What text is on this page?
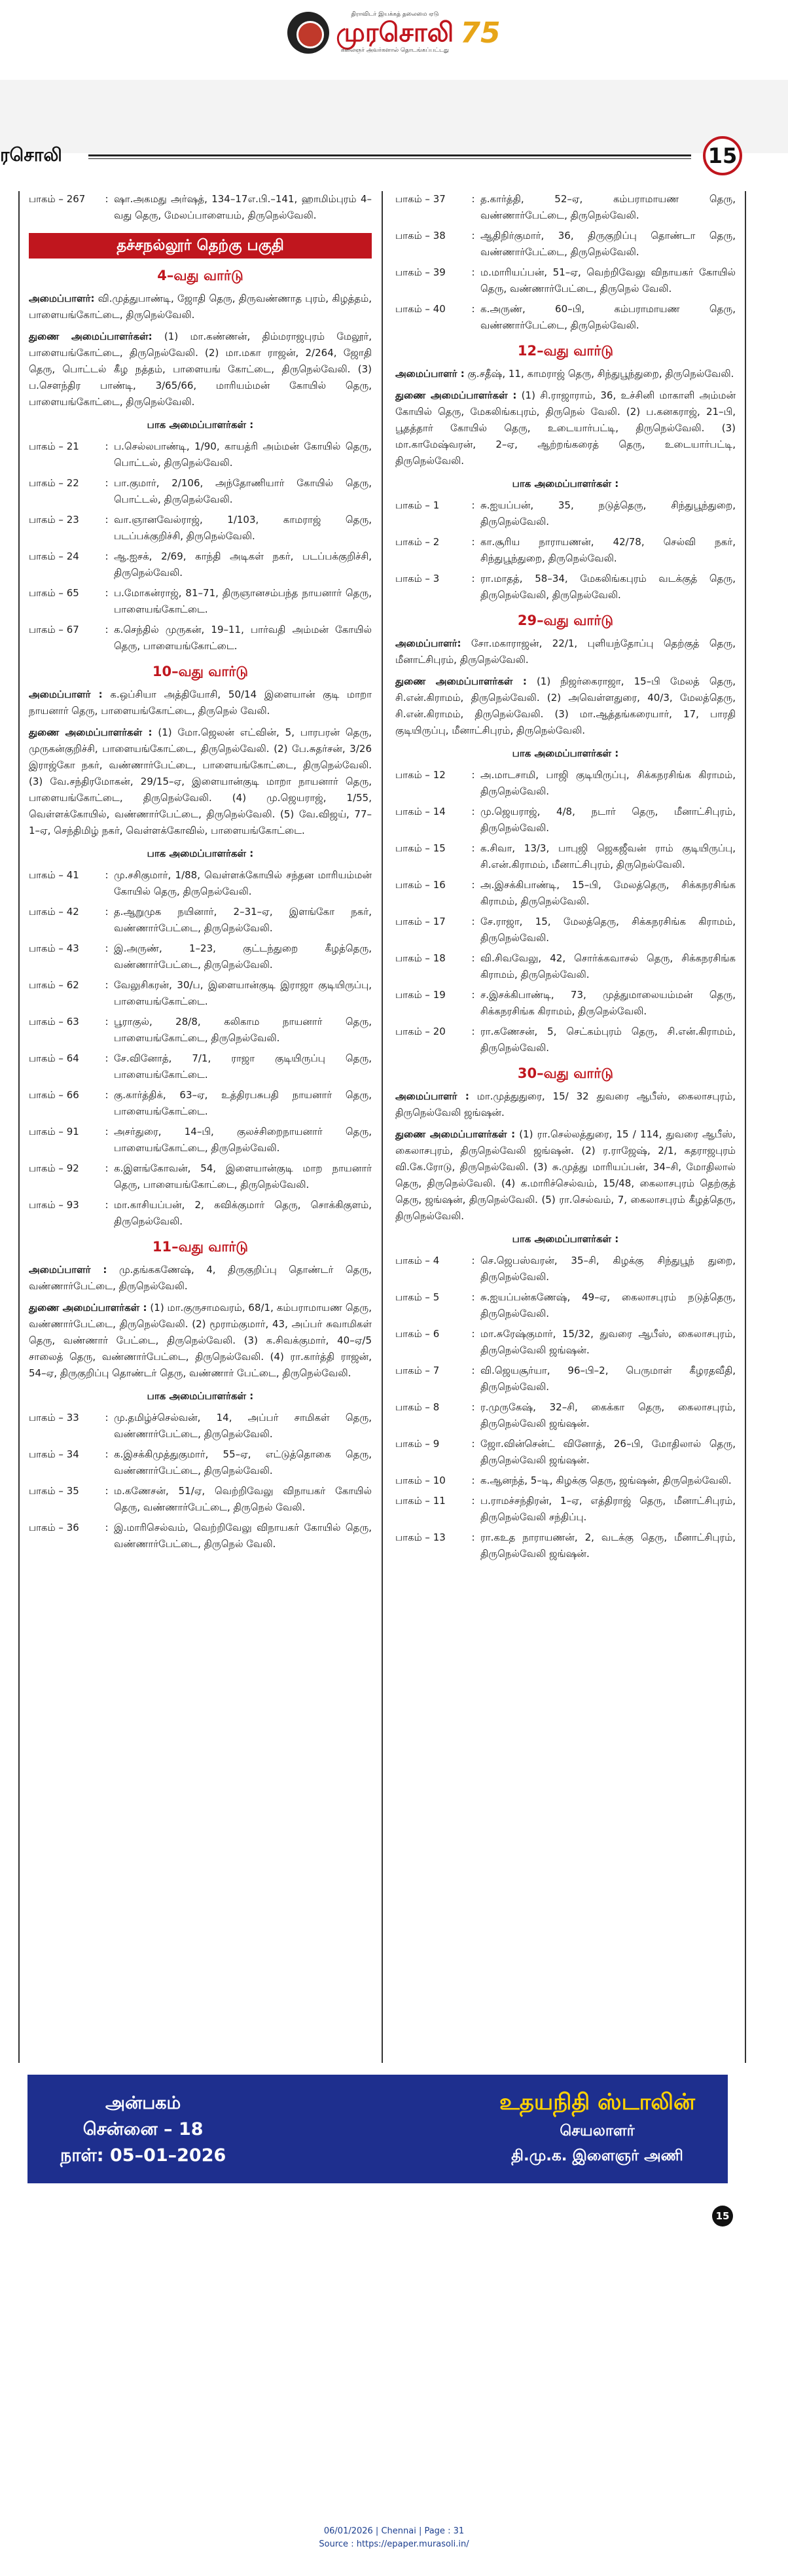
திராவிடர் இயக்கத் தலைமை ஏடு
முரசொலி
கலைஞர் அவர்களால் தொடங்கப்பட்டது
75
ரசொலி	15
பாகம் – 267	: ஷா.அகமது அர்ஷத், 134–17எ.பி.–141, ஹாமிம்புரம் 4–வது தெரு, மேலப்பாளையம், திருநெல்வேலி.
தச்சநல்லூர் தெற்கு பகுதி
4–வது வார்டு
அமைப்பாளர்: வி.முத்துபாண்டி, ஜோதி தெரு, திருவண்ணாத புரம், கிழத்தம், பாளையங்கோட்டை, திருநெல்வேலி.
துணை அமைப்பாளர்கள்: (1) மா.கண்ணன், திம்மராஜபுரம் மேலூர், பாளையங்கோட்டை, திருநெல்வேலி. (2) மா.மகா ராஜன், 2/264, ஜோதி தெரு, பொட்டல் கீழ நத்தம், பாளையங் கோட்டை, திருநெல்வேலி. (3) ப.செளந்திர பாண்டி, 3/65/66, மாரியம்மன் கோயில் தெரு, பாளையங்கோட்டை, திருநெல்வேலி.
பாக அமைப்பாளர்கள் :
பாகம் – 21	: ப.செல்லபாண்டி, 1/90, காயத்ரி அம்மன் கோயில் தெரு, பொட்டல், திருநெல்வேலி.
பாகம் – 22	: பா.குமார், 2/106, அந்தோணியார் கோயில் தெரு, பொட்டல், திருநெல்வேலி.
பாகம் – 23	: வா.ஞானவேல்ராஜ், 1/103, காமராஜ் தெரு, படப்பக்குறிச்சி, திருநெல்வேலி.
பாகம் – 24	: ஆ.ஐசக், 2/69, காந்தி அடிகள் நகர், படப்பக்குறிச்சி, திருநெல்வேலி.
பாகம் – 65	: ப.மோகன்ராஜ், 81–71, திருஞானசம்பந்த நாயனார் தெரு, பாளையங்கோட்டை.
பாகம் – 67	: க.செந்தில் முருகன், 19–11, பார்வதி அம்மன் கோயில் தெரு, பாளையங்கோட்டை.
10–வது வார்டு
அமைப்பாளர் : க.ஒப்சியா அத்தியோசி, 50/14 இளையான் குடி மாறா நாயனார் தெரு, பாளையங்கோட்டை, திருநெல் வேலி.
துணை அமைப்பாளர்கள் : (1) மோ.ஜெலன் எட்வின், 5, பாரபரன் தெரு, முருகன்குறிச்சி, பாளையங்கோட்டை, திருநெல்வேலி. (2) பே.சுதர்சன், 3/26 இராஜ்கோ நகர், வண்ணார்பேட்டை, பாளையங்கோட்டை, திருநெல்வேலி. (3) வே.சந்திரமோகன், 29/15–ஏ, இளையான்குடி மாறா நாயனார் தெரு, பாளையங்கோட்டை, திருநெல்வேலி. (4) மு.ஜெயராஜ், 1/55, வெள்ளக்கோயில், வண்ணார்பேட்டை, திருநெல்வேலி. (5) வே.விஜய், 77–1–ஏ, செந்திமிழ் நகர், வெள்ளக்கோவில், பாளையங்கோட்டை.
பாக அமைப்பாளர்கள் :
பாகம் – 41	: மு.சசிகுமார், 1/88, வெள்ளக்கோயில் சந்தன மாரியம்மன் கோயில் தெரு, திருநெல்வேலி.
பாகம் – 42	: த.ஆறுமுக நயினார், 2–31–ஏ, இளங்கோ நகர், வண்ணார்பேட்டை, திருநெல்வேலி.
பாகம் – 43	: இ.அருண், 1–23, குட்டந்துறை கீழத்தெரு, வண்ணார்பேட்டை, திருநெல்வேலி.
பாகம் – 62	: வேலுசிகரன், 30/ப, இளையான்குடி இராஜா குடியிருப்பு, பாளையங்கோட்டை.
பாகம் – 63	: பூராகுல், 28/8, கலிகாம நாயனார் தெரு, பாளையங்கோட்டை, திருநெல்வேலி.
பாகம் – 64	: சே.வினோத், 7/1, ராஜா குடியிருப்பு தெரு, பாளையங்கோட்டை.
பாகம் – 66	: கு.கார்த்திக், 63–ஏ, உத்திரபசுபதி நாயனார் தெரு, பாளையங்கோட்டை.
பாகம் – 91	: அசர்துரை, 14–பி, குலச்சிறைநாயனார் தெரு, பாளையங்கோட்டை, திருநெல்வேலி.
பாகம் – 92	: க.இளங்கோவன், 54, இளையான்குடி மாற நாயனார் தெரு, பாளையங்கோட்டை, திருநெல்வேலி.
பாகம் – 93	: மா.காசியப்பன், 2, கவிக்குமார் தெரு, சொக்கிகுளம், திருநெல்வேலி.
11–வது வார்டு
அமைப்பாளர் : மு.தங்ககணேஷ், 4, திருகுறிப்பு தொண்டர் தெரு, வண்ணார்பேட்டை, திருநெல்வேலி.
துணை அமைப்பாளர்கள் : (1) மா.குருசாமவரம், 68/1, கம்பராமாயண தெரு, வண்ணார்பேட்டை, திருநெல்வேலி. (2) மூராம்குமார், 43, அப்பர் சுவாமிகள் தெரு, வண்ணார் பேட்டை, திருநெல்வேலி. (3) க.சிவக்குமார், 40–ஏ/5 சாலைத் தெரு, வண்ணார்பேட்டை, திருநெல்வேலி. (4) ரா.கார்த்தி ராஜன், 54–ஏ, திருகுறிப்பு தொண்டர் தெரு, வண்ணார் பேட்டை, திருநெல்வேலி.
பாக அமைப்பாளர்கள் :
பாகம் – 33	: மு.தமிழ்ச்செல்வன், 14, அப்பர் சாமிகள் தெரு, வண்ணார்பேட்டை, திருநெல்வேலி.
பாகம் – 34	: க.இசக்கிமுத்துகுமார், 55–ஏ, எட்டுத்தொகை தெரு, வண்ணார்பேட்டை, திருநெல்வேலி.
பாகம் – 35	: ம.கணேசன், 51/ஏ, வெற்றிவேலு விநாயகர் கோயில் தெரு, வண்ணார்பேட்டை, திருநெல் வேலி.
பாகம் – 36	: இ.மாரிசெல்வம், வெற்றிவேலு விநாயகர் கோயில் தெரு, வண்ணார்பேட்டை, திருநெல் வேலி.
பாகம் – 37	: த.கார்த்தி, 52–ஏ, கம்பராமாயண தெரு, வண்ணார்பேட்டை, திருநெல்வேலி.
பாகம் – 38	: ஆதிநிர்குமார், 36, திருகுறிப்பு தொண்டா தெரு, வண்ணார்பேட்டை, திருநெல்வேலி.
பாகம் – 39	: ம.மாரியப்பன், 51–ஏ, வெற்றிவேலு விநாயகர் கோயில் தெரு, வண்ணார்பேட்டை, திருநெல் வேலி.
பாகம் – 40	: க.அருண், 60–பி, கம்பராமாயண தெரு, வண்ணார்பேட்டை, திருநெல்வேலி.
12–வது வார்டு
அமைப்பாளர் : கு.சதீஷ், 11, காமராஜ் தெரு, சிந்துபூந்துறை, திருநெல்வேலி.
துணை அமைப்பாளர்கள் : (1) சி.ராஜாராம், 36, உச்சினி மாகாளி அம்மன் கோயில் தெரு, மேகலிங்கபுரம், திருநெல் வேலி. (2) ப.கனகராஜ், 21–பி, பூதத்தார் கோயில் தெரு, உடையார்பட்டி, திருநெல்வேலி. (3) மா.காமேஷ்வரன், 2–ஏ, ஆற்றங்கரைத் தெரு, உடையார்பட்டி, திருநெல்வேலி.
பாக அமைப்பாளர்கள் :
பாகம் – 1	: சு.ஐயப்பன், 35, நடுத்தெரு, சிந்துபூந்துறை, திருநெல்வேலி.
பாகம் – 2	: கா.சூரிய நாராயணன், 42/78, செல்வி நகர், சிந்துபூந்துறை, திருநெல்வேலி.
பாகம் – 3	: ரா.மாதத், 58–34, மேகலிங்கபுரம் வடக்குத் தெரு, திருநெல்வேலி, திருநெல்வேலி.
29–வது வார்டு
அமைப்பாளர்: சோ.மகாராஜன், 22/1, புளியந்தோப்பு தெற்குத் தெரு, மீனாட்சிபுரம், திருநெல்வேலி.
துணை அமைப்பாளர்கள் : (1) நிஜர்கைராஜா, 15–பி மேலத் தெரு, சி.என்.கிராமம், திருநெல்வேலி. (2) அவெள்ளதுரை, 40/3, மேலத்தெரு, சி.என்.கிராமம், திருநெல்வேலி. (3) மா.ஆத்தங்கரையார், 17, பாரதி குடியிருப்பு, மீனாட்சிபுரம், திருநெல்வேலி.
பாக அமைப்பாளர்கள் :
பாகம் – 12	: அ.மாடசாமி, பாஜி குடியிருப்பு, சிக்கநரசிங்க கிராமம், திருநெல்வேலி.
பாகம் – 14	: மு.ஜெயராஜ், 4/8, நடார் தெரு, மீனாட்சிபுரம், திருநெல்வேலி.
பாகம் – 15	: க.சிவா, 13/3, பாபுஜி ஜெகஜீவன் ராம் குடியிருப்பு, சி.என்.கிராமம், மீனாட்சிபுரம், திருநெல்வேலி.
பாகம் – 16	: அ.இசக்கிபாண்டி, 15–பி, மேலத்தெரு, சிக்கநரசிங்க கிராமம், திருநெல்வேலி.
பாகம் – 17	: சே.ராஜா, 15, மேலத்தெரு, சிக்கநரசிங்க கிராமம், திருநெல்வேலி.
பாகம் – 18	: வி.சிவவேலு, 42, சொர்க்கவாசல் தெரு, சிக்கநரசிங்க கிராமம், திருநெல்வேலி.
பாகம் – 19	: ச.இசக்கிபாண்டி, 73, முத்துமாலையம்மன் தெரு, சிக்கநரசிங்க கிராமம், திருநெல்வேலி.
பாகம் – 20	: ரா.கணேசன், 5, செட்கம்புரம் தெரு, சி.என்.கிராமம், திருநெல்வேலி.
30–வது வார்டு
அமைப்பாளர் : மா.முத்துதுரை, 15/ 32 துவரை ஆபீஸ், கைலாசபுரம், திருநெல்வேலி ஜங்ஷன்.
துணை அமைப்பாளர்கள் : (1) ரா.செல்லத்துரை, 15 / 114, துவரை ஆபீஸ், கைலாசபுரம், திருநெல்வேலி ஜங்ஷன். (2) ர.ராஜேஷ், 2/1, கதராஜபுரம் வி.கே.ரோடு, திருநெல்வேலி. (3) சு.முத்து மாரியப்பன், 34–சி, மோதிலால் தெரு, திருநெல்வேலி. (4) க.மாரிச்செல்வம், 15/48, கைலாசபுரம் தெற்குத் தெரு, ஜங்ஷன், திருநெல்வேலி. (5) ரா.செல்வம், 7, கைலாசபுரம் கீழத்தெரு, திருநெல்வேலி.
பாக அமைப்பாளர்கள் :
பாகம் – 4	: செ.ஜெபஸ்வரன், 35–சி, கிழக்கு சிந்துபூந் துறை, திருநெல்வேலி.
பாகம் – 5	: சு.ஐயப்பன்கணேஷ், 49–ஏ, கைலாசபுரம் நடுத்தெரு, திருநெல்வேலி.
பாகம் – 6	: மா.சுரேஷ்குமார், 15/32, துவரை ஆபீஸ், கைலாசபுரம், திருநெல்வேலி ஜங்ஷன்.
பாகம் – 7	: வி.ஜெயசூர்யா, 96–பி–2, பெருமாள் கீழரதவீதி, திருநெல்வேலி.
பாகம் – 8	: ர.முருகேஷ், 32–சி, கைக்கா தெரு, கைலாசபுரம், திருநெல்வேலி ஜங்ஷன்.
பாகம் – 9	: ஜோ.வின்சென்ட் வினோத், 26–பி, மோதிலால் தெரு, திருநெல்வேலி ஜங்ஷன்.
பாகம் – 10	: க.ஆனந்த், 5–டி, கிழக்கு தெரு, ஜங்ஷன், திருநெல்வேலி.
பாகம் – 11	: ப.ராமச்சந்திரன், 1–ஏ, எத்திராஜ் தெரு, மீனாட்சிபுரம், திருநெல்வேலி சந்திப்பு.
பாகம் – 13	: ரா.கஉத நாராயணன், 2, வடக்கு தெரு, மீனாட்சிபுரம், திருநெல்வேலி ஜங்ஷன்.
அன்பகம்
சென்னை – 18
நாள்: 05–01–2026
உதயநிதி ஸ்டாலின்
செயலாளர்
தி.மு.க. இளைஞர் அணி
15
06/01/2026 | Chennai | Page : 31
Source : https://epaper.murasoli.in/
